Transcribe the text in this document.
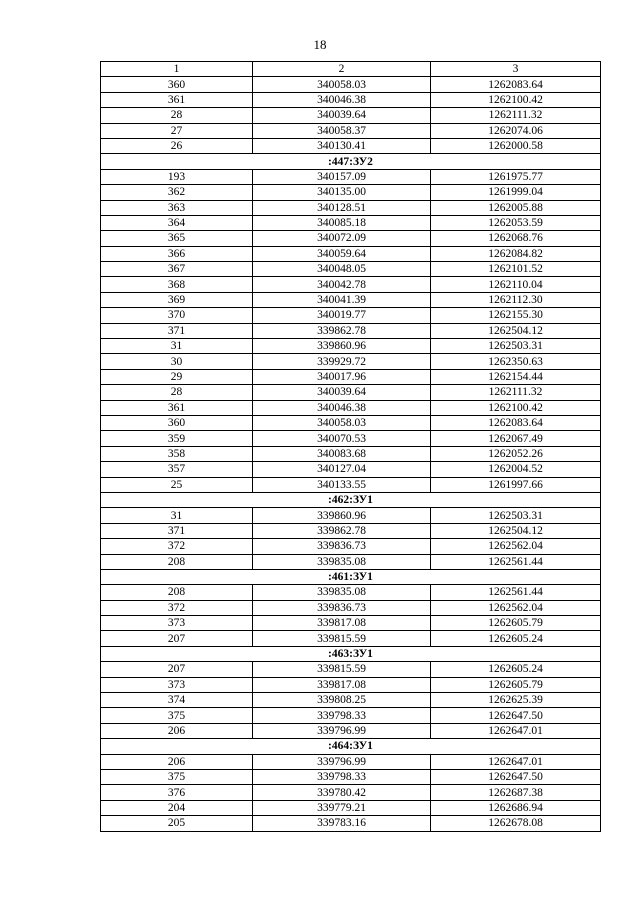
18
1	2	3
360	340058.03	1262083.64
361	340046.38	1262100.42
28	340039.64	1262111.32
27	340058.37	1262074.06
26	340130.41	1262000.58
:447:ЗУ2		
193	340157.09	1261975.77
362	340135.00	1261999.04
363	340128.51	1262005.88
364	340085.18	1262053.59
365	340072.09	1262068.76
366	340059.64	1262084.82
367	340048.05	1262101.52
368	340042.78	1262110.04
369	340041.39	1262112.30
370	340019.77	1262155.30
371	339862.78	1262504.12
31	339860.96	1262503.31
30	339929.72	1262350.63
29	340017.96	1262154.44
28	340039.64	1262111.32
361	340046.38	1262100.42
360	340058.03	1262083.64
359	340070.53	1262067.49
358	340083.68	1262052.26
357	340127.04	1262004.52
25	340133.55	1261997.66
:462:ЗУ1		
31	339860.96	1262503.31
371	339862.78	1262504.12
372	339836.73	1262562.04
208	339835.08	1262561.44
:461:ЗУ1		
208	339835.08	1262561.44
372	339836.73	1262562.04
373	339817.08	1262605.79
207	339815.59	1262605.24
:463:ЗУ1		
207	339815.59	1262605.24
373	339817.08	1262605.79
374	339808.25	1262625.39
375	339798.33	1262647.50
206	339796.99	1262647.01
:464:ЗУ1		
206	339796.99	1262647.01
375	339798.33	1262647.50
376	339780.42	1262687.38
204	339779.21	1262686.94
205	339783.16	1262678.08
